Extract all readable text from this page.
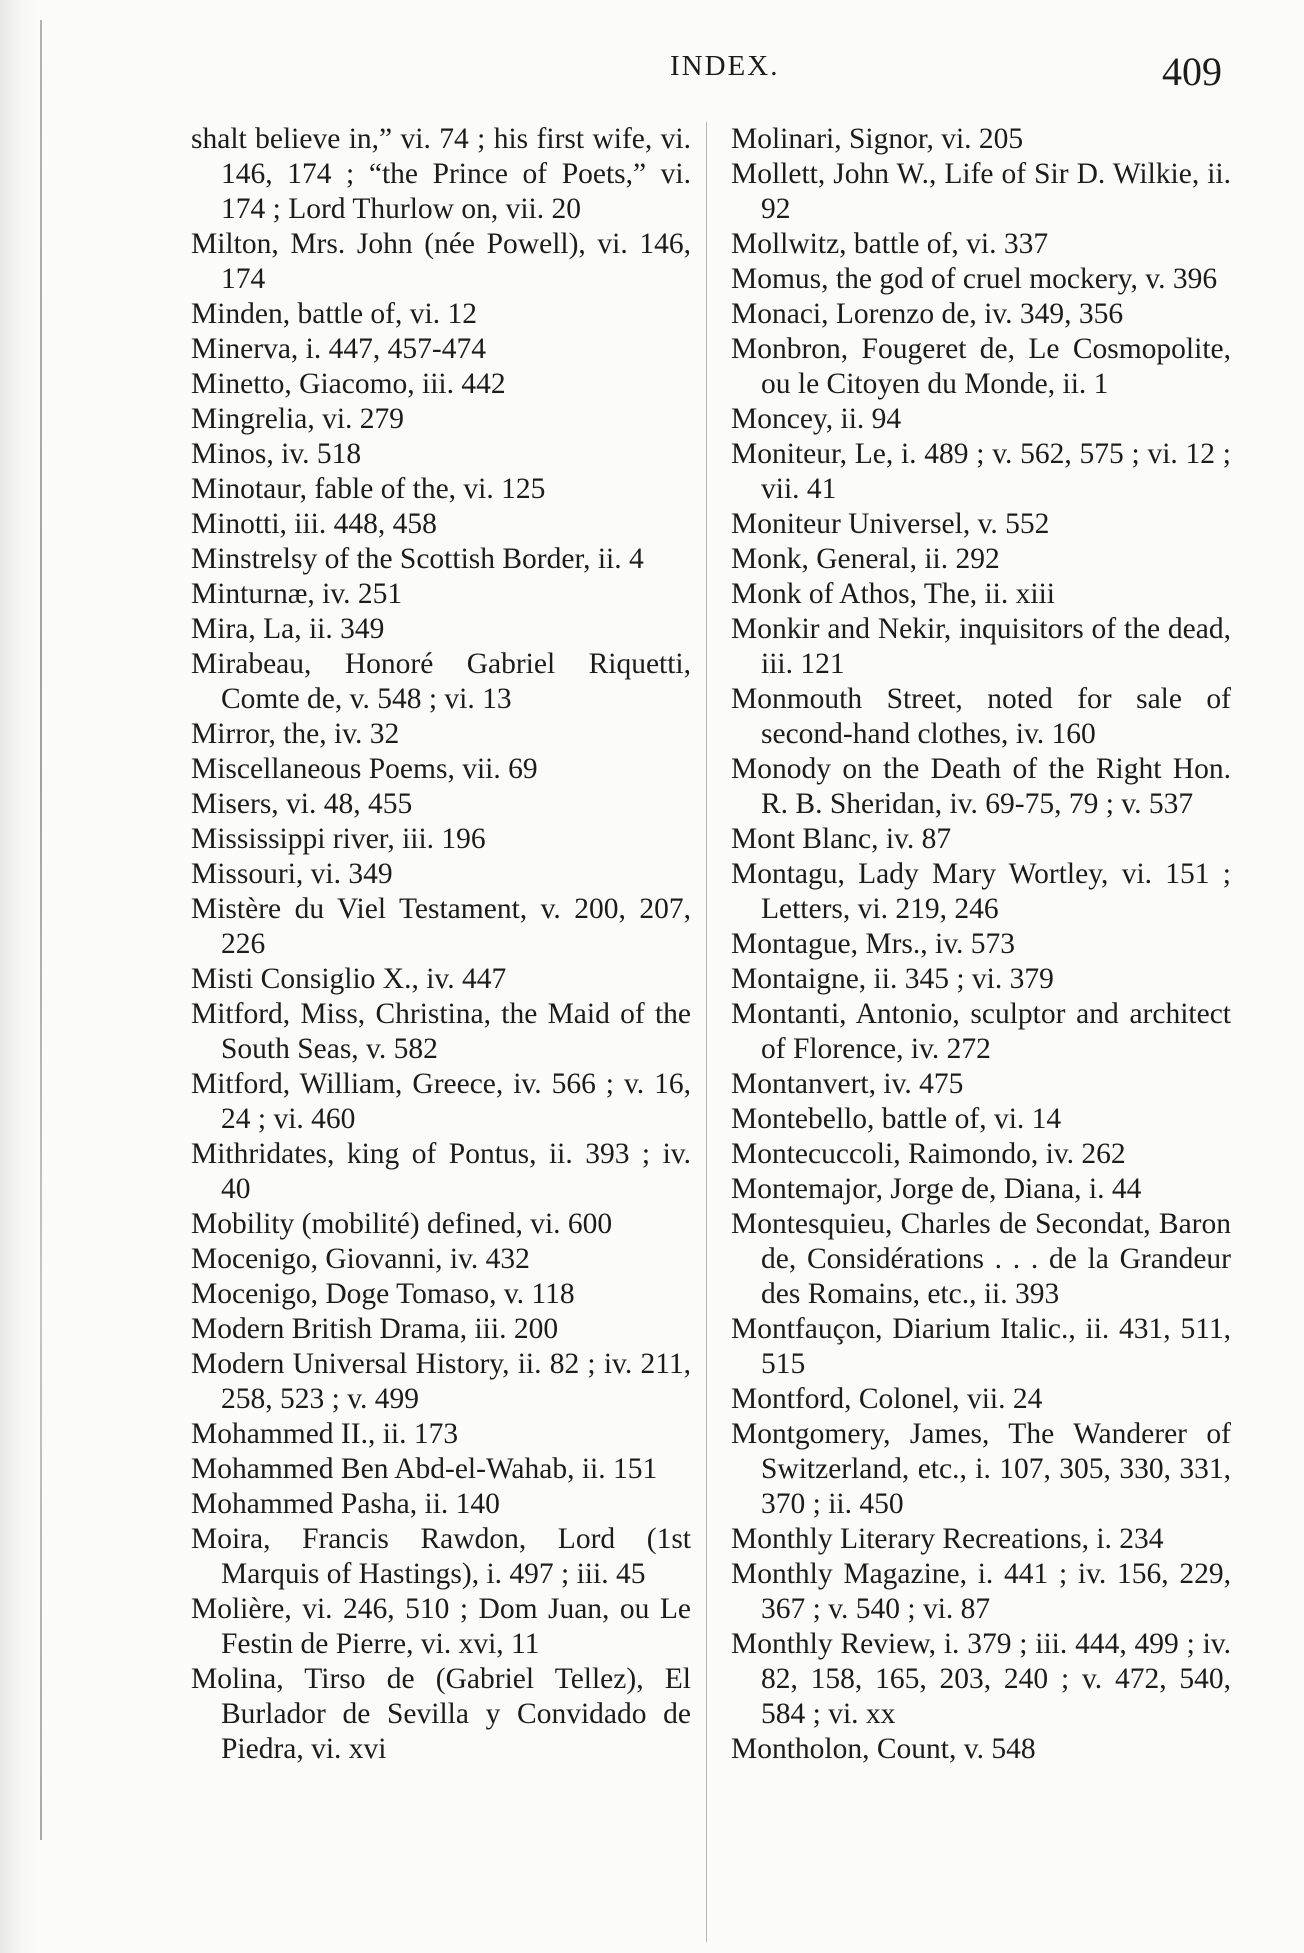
INDEX.	409

shalt believe in,” vi. 74 ; his first wife, vi. 146, 174 ; “the Prince of Poets,” vi. 174 ; Lord Thurlow on, vii. 20

Milton, Mrs. John (née Powell), vi. 146, 174

Minden, battle of, vi. 12

Minerva, i. 447, 457-474

Minetto, Giacomo, iii. 442

Mingrelia, vi. 279

Minos, iv. 518

Minotaur, fable of the, vi. 125

Minotti, iii. 448, 458

Minstrelsy of the Scottish Border, ii. 4

Minturnæ, iv. 251

Mira, La, ii. 349

Mirabeau, Honoré Gabriel Riquetti, Comte de, v. 548 ; vi. 13

Mirror, the, iv. 32

Miscellaneous Poems, vii. 69

Misers, vi. 48, 455

Mississippi river, iii. 196

Missouri, vi. 349

Mistère du Viel Testament, v. 200, 207, 226

Misti Consiglio X., iv. 447

Mitford, Miss, Christina, the Maid of the South Seas, v. 582

Mitford, William, Greece, iv. 566 ; v. 16, 24 ; vi. 460

Mithridates, king of Pontus, ii. 393 ; iv. 40

Mobility (mobilité) defined, vi. 600

Mocenigo, Giovanni, iv. 432

Mocenigo, Doge Tomaso, v. 118

Modern British Drama, iii. 200

Modern Universal History, ii. 82 ; iv. 211, 258, 523 ; v. 499

Mohammed II., ii. 173

Mohammed Ben Abd-el-Wahab, ii. 151

Mohammed Pasha, ii. 140

Moira, Francis Rawdon, Lord (1st Marquis of Hastings), i. 497 ; iii. 45

Molière, vi. 246, 510 ; Dom Juan, ou Le Festin de Pierre, vi. xvi, 11

Molina, Tirso de (Gabriel Tellez), El Burlador de Sevilla y Convidado de Piedra, vi. xvi

Molinari, Signor, vi. 205

Mollett, John W., Life of Sir D. Wilkie, ii. 92

Mollwitz, battle of, vi. 337

Momus, the god of cruel mockery, v. 396

Monaci, Lorenzo de, iv. 349, 356

Monbron, Fougeret de, Le Cosmopolite, ou le Citoyen du Monde, ii. 1

Moncey, ii. 94

Moniteur, Le, i. 489 ; v. 562, 575 ; vi. 12 ; vii. 41

Moniteur Universel, v. 552

Monk, General, ii. 292

Monk of Athos, The, ii. xiii

Monkir and Nekir, inquisitors of the dead, iii. 121

Monmouth Street, noted for sale of second-hand clothes, iv. 160

Monody on the Death of the Right Hon. R. B. Sheridan, iv. 69-75, 79 ; v. 537

Mont Blanc, iv. 87

Montagu, Lady Mary Wortley, vi. 151 ; Letters, vi. 219, 246

Montague, Mrs., iv. 573

Montaigne, ii. 345 ; vi. 379

Montanti, Antonio, sculptor and architect of Florence, iv. 272

Montanvert, iv. 475

Montebello, battle of, vi. 14

Montecuccoli, Raimondo, iv. 262

Montemajor, Jorge de, Diana, i. 44

Montesquieu, Charles de Secondat, Baron de, Considérations . . . de la Grandeur des Romains, etc., ii. 393

Montfauçon, Diarium Italic., ii. 431, 511, 515

Montford, Colonel, vii. 24

Montgomery, James, The Wanderer of Switzerland, etc., i. 107, 305, 330, 331, 370 ; ii. 450

Monthly Literary Recreations, i. 234

Monthly Magazine, i. 441 ; iv. 156, 229, 367 ; v. 540 ; vi. 87

Monthly Review, i. 379 ; iii. 444, 499 ; iv. 82, 158, 165, 203, 240 ; v. 472, 540, 584 ; vi. xx

Montholon, Count, v. 548
